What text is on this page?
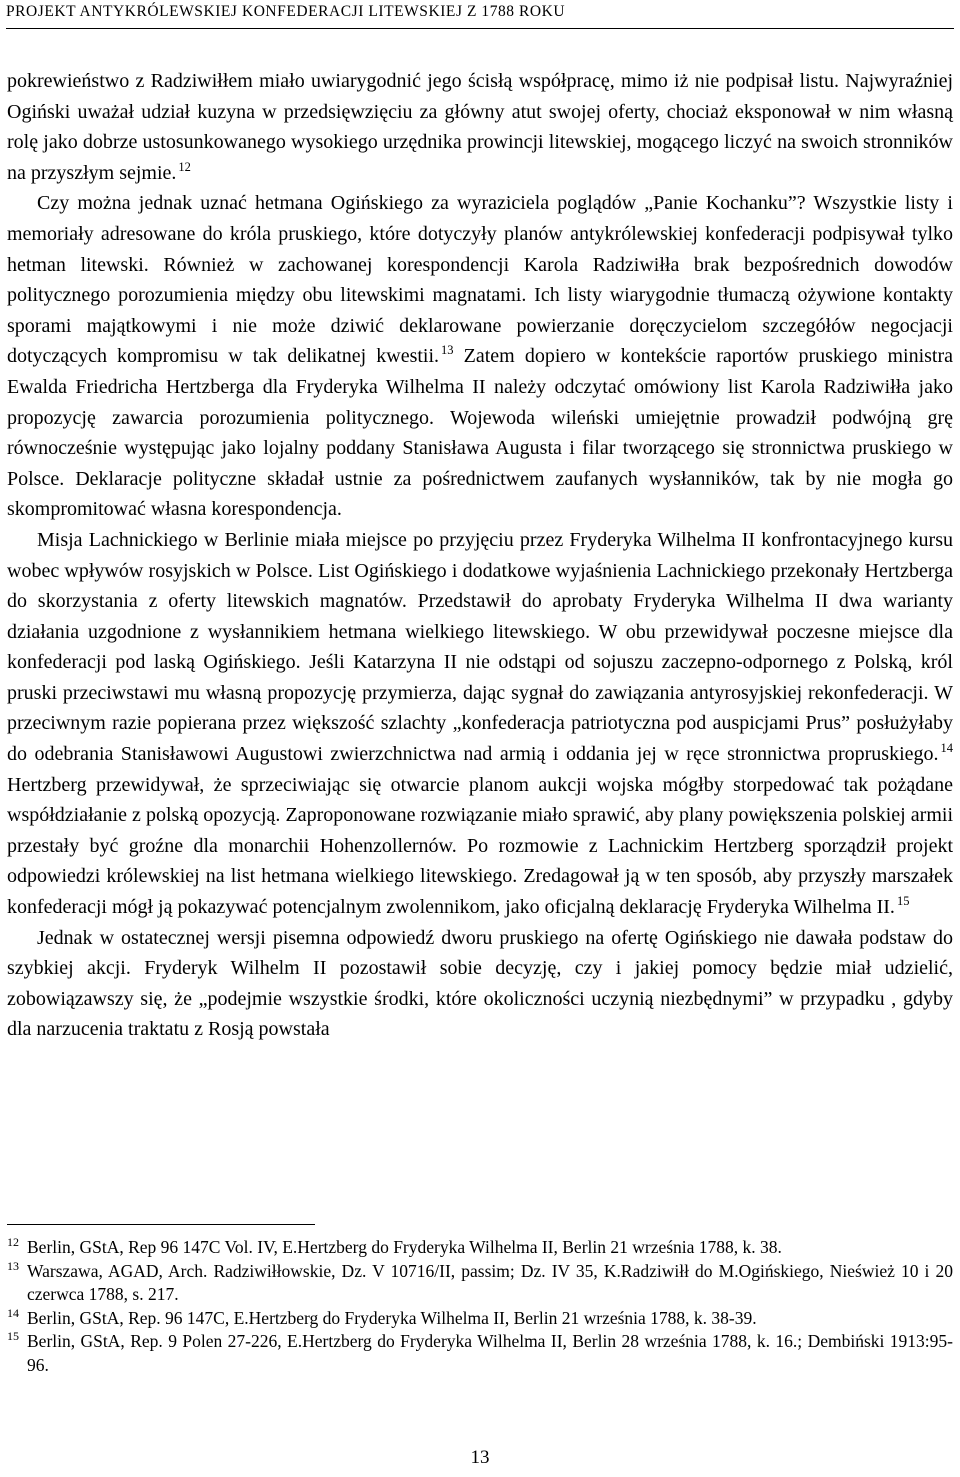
PROJEKT ANTYKRÓLEWSKIEJ KONFEDERACJI LITEWSKIEJ Z 1788 ROKU

pokrewieństwo z Radziwiłłem miało uwiarygodnić jego ścisłą współpracę, mimo iż nie podpisał listu. Najwyraźniej Ogiński uważał udział kuzyna w przedsięwzięciu za główny atut swojej oferty, chociaż eksponował w nim własną rolę jako dobrze ustosunkowanego wysokiego urzędnika prowincji litewskiej, mogącego liczyć na swoich stronników na przyszłym sejmie. $^{12}$

Czy można jednak uznać hetmana Ogińskiego za wyraziciela poglądów „Panie Kochanku”? Wszystkie listy i memoriały adresowane do króla pruskiego, które dotyczyły planów antykrólewskiej konfederacji podpisywał tylko hetman litewski. Również w zachowanej korespondencji Karola Radziwiłła brak bezpośrednich dowodów politycznego porozumienia między obu litewskimi magnatami. Ich listy wiarygodnie tłumaczą ożywione kontakty sporami majątkowymi i nie może dziwić deklarowane powierzanie doręczycielom szczegółów negocjacji dotyczących kompromisu w tak delikatnej kwestii. $^{13}$ Zatem dopiero w kontekście raportów pruskiego ministra Ewalda Friedricha Hertzberga dla Fryderyka Wilhelma II należy odczytać omówiony list Karola Radziwiłła jako propozycję zawarcia porozumienia politycznego. Wojewoda wileński umiejętnie prowadził podwójną grę równocześnie występując jako lojalny poddany Stanisława Augusta i filar tworzącego się stronnictwa pruskiego w Polsce. Deklaracje polityczne składał ustnie za pośrednictwem zaufanych wysłanników, tak by nie mogła go skompromitować własna korespondencja.

Misja Lachnickiego w Berlinie miała miejsce po przyjęciu przez Fryderyka Wilhelma II konfrontacyjnego kursu wobec wpływów rosyjskich w Polsce. List Ogińskiego i dodatkowe wyjaśnienia Lachnickiego przekonały Hertzberga do skorzystania z oferty litewskich magnatów. Przedstawił do aprobaty Fryderyka Wilhelma II dwa warianty działania uzgodnione z wysłannikiem hetmana wielkiego litewskiego. W obu przewidywał poczesne miejsce dla konfederacji pod laską Ogińskiego. Jeśli Katarzyna II nie odstąpi od sojuszu zaczepno-odpornego z Polską, król pruski przeciwstawi mu własną propozycję przymierza, dając sygnał do zawiązania antyrosyjskiej rekonfederacji. W przeciwnym razie popierana przez większość szlachty „konfederacja patriotyczna pod auspicjami Prus” posłużyłaby do odebrania Stanisławowi Augustowi zwierzchnictwa nad armią i oddania jej w ręce stronnictwa propruskiego. $^{14}$ Hertzberg przewidywał, że sprzeciwiając się otwarcie planom aukcji wojska mógłby storpedować tak pożądane współdziałanie z polską opozycją. Zaproponowane rozwiązanie miało sprawić, aby plany powiększenia polskiej armii przestały być groźne dla monarchii Hohenzollernów. Po rozmowie z Lachnickim Hertzberg sporządził projekt odpowiedzi królewskiej na list hetmana wielkiego litewskiego. Zredagował ją w ten sposób, aby przyszły marszałek konfederacji mógł ją pokazywać potencjalnym zwolennikom, jako oficjalną deklarację Fryderyka Wilhelma II. $^{15}$

Jednak w ostatecznej wersji pisemna odpowiedź dworu pruskiego na ofertę Ogińskiego nie dawała podstaw do szybkiej akcji. Fryderyk Wilhelm II pozostawił sobie decyzję, czy i jakiej pomocy będzie miał udzielić, zobowiązawszy się, że „podejmie wszystkie środki, które okoliczności uczynią niezbędnymi” w przypadku , gdyby dla narzucenia traktatu z Rosją powstała

12 Berlin, GStA, Rep 96 147C Vol. IV, E.Hertzberg do Fryderyka Wilhelma II, Berlin 21 września 1788, k. 38.

13 Warszawa, AGAD, Arch. Radziwiłłowskie, Dz. V 10716/II, passim; Dz. IV 35, K.Radziwiłł do M.Ogińskiego, Nieśwież 10 i 20 czerwca 1788, s. 217.

14 Berlin, GStA, Rep. 96 147C, E.Hertzberg do Fryderyka Wilhelma II, Berlin 21 września 1788, k. 38-39.

15 Berlin, GStA, Rep. 9 Polen 27-226, E.Hertzberg do Fryderyka Wilhelma II, Berlin 28 września 1788, k. 16.; Dembiński 1913:95-96.

13
